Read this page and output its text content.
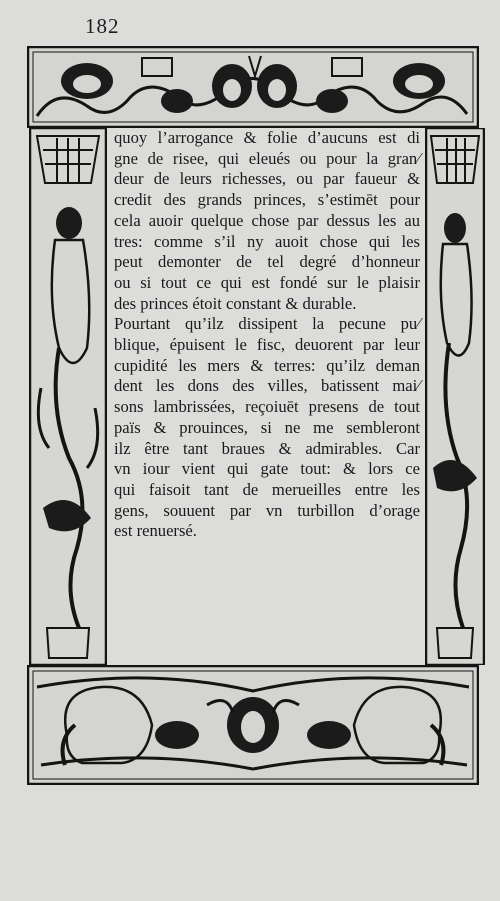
182
quoy l’arrogance & folie d’aucuns est di
gne de risee, qui eleués ou pour la gran⁄
deur de leurs richesses, ou par faueur &
credit des grands princes, s’estimēt pour
cela auoir quelque chose par dessus les au
tres: comme s’il ny auoit chose qui les
peut demonter de tel degré d’honneur
ou si tout ce qui est fondé sur le plaisir
des princes étoit constant & durable.
Pourtant qu’ilz dissipent la pecune pu⁄
blique, épuisent le fisc, deuorent par leur
cupidité les mers & terres: qu’ilz deman
dent les dons des villes, batissent mai⁄
sons lambrissées, reçoiuēt presens de tout
païs & prouinces, si ne me sembleront
ilz être tant braues & admirables. Car
vn iour vient qui gate tout: & lors ce
qui faisoit tant de merueilles entre les
gens, souuent par vn turbillon d’orage
est renuersé.
